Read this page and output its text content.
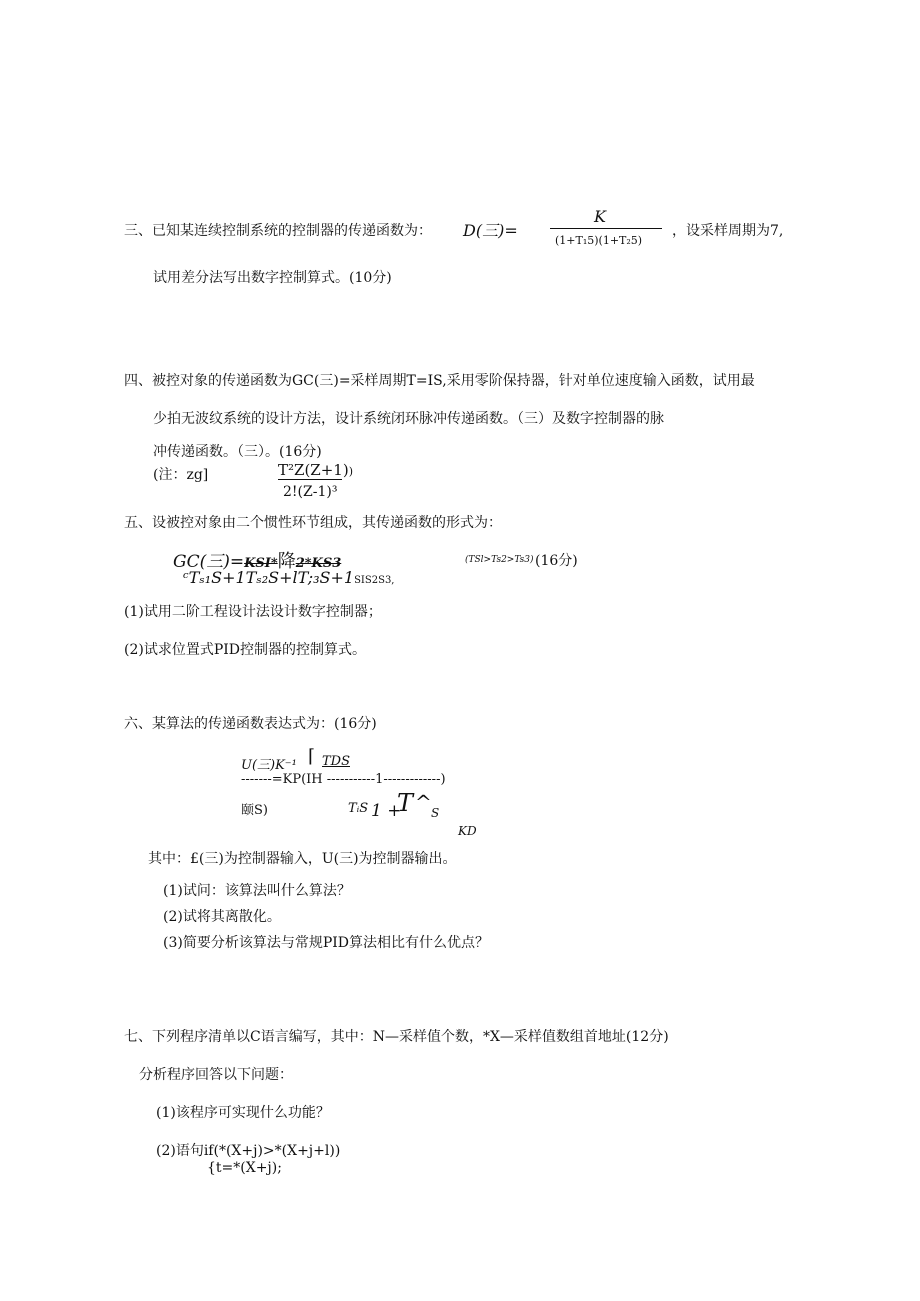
三、已知某连续控制系统的控制器的传递函数为： D(三)=
K
(1+T₁5)(1+T₂5)
，设采样周期为7,
试用差分法写出数字控制算式。(10分)
四、被控对象的传递函数为GC(三)=采样周期T=IS,采用零阶保持器，针对单位速度输入函数，试用最
少拍无波纹系统的设计方法，设计系统闭环脉冲传递函数。（三）及数字控制器的脉
冲传递函数。（三）。(16分)
(注：zg]	T²Z(Z+1))
2!(Z-1)³
五、设被控对象由二个惯性环节组成，其传递函数的形式为：
GC(三)=KSI*降2*KS3
ᶜTₛ₁S+1Tₛ₂S+lT;₃S+1SIS2S3,
(TSl>Ts2>Ts3) (16分)
(1)试用二阶工程设计法设计数字控制器；
(2)试求位置式PID控制器的控制算式。
六、某算法的传递函数表达式为：(16分)
U(三)K⁻¹ ⌈ TDS
-------=KP(IH -----------1-------------)
颐S)	TᵢS 1 +
T ^ S
KD
其中：£(三)为控制器输入，U(三)为控制器输出。
(1)试问：该算法叫什么算法？
(2)试将其离散化。
(3)简要分析该算法与常规PID算法相比有什么优点？
七、下列程序清单以C语言编写，其中：N—采样值个数，*X—采样值数组首地址(12分)
分析程序回答以下问题：
(1)该程序可实现什么功能？
(2)语句if(*(X+j)>*(X+j+l))
{t=*(X+j);
